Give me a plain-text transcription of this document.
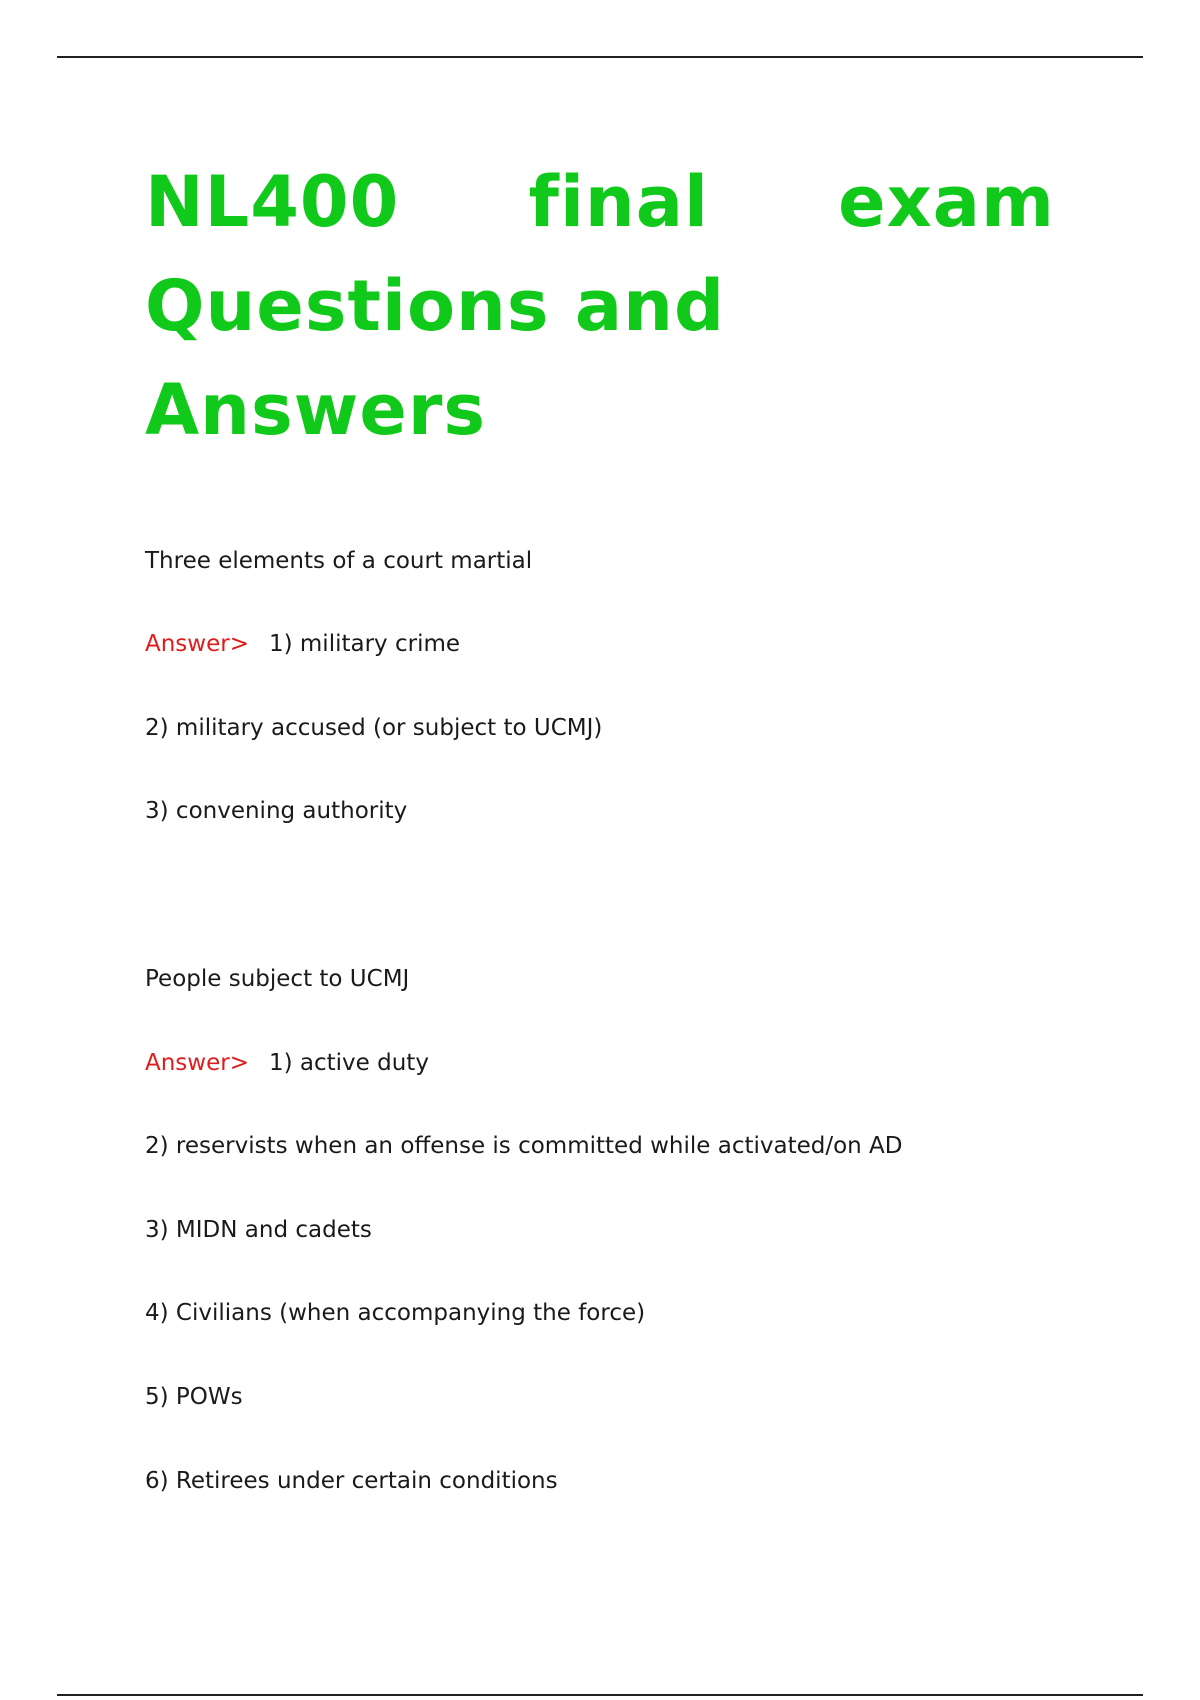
NL400 final exam
Questions and Answers

Three elements of a court martial

Answer> 1) military crime

2) military accused (or subject to UCMJ)

3) convening authority

People subject to UCMJ

Answer> 1) active duty

2) reservists when an offense is committed while activated/on AD

3) MIDN and cadets

4) Civilians (when accompanying the force)

5) POWs

6) Retirees under certain conditions
